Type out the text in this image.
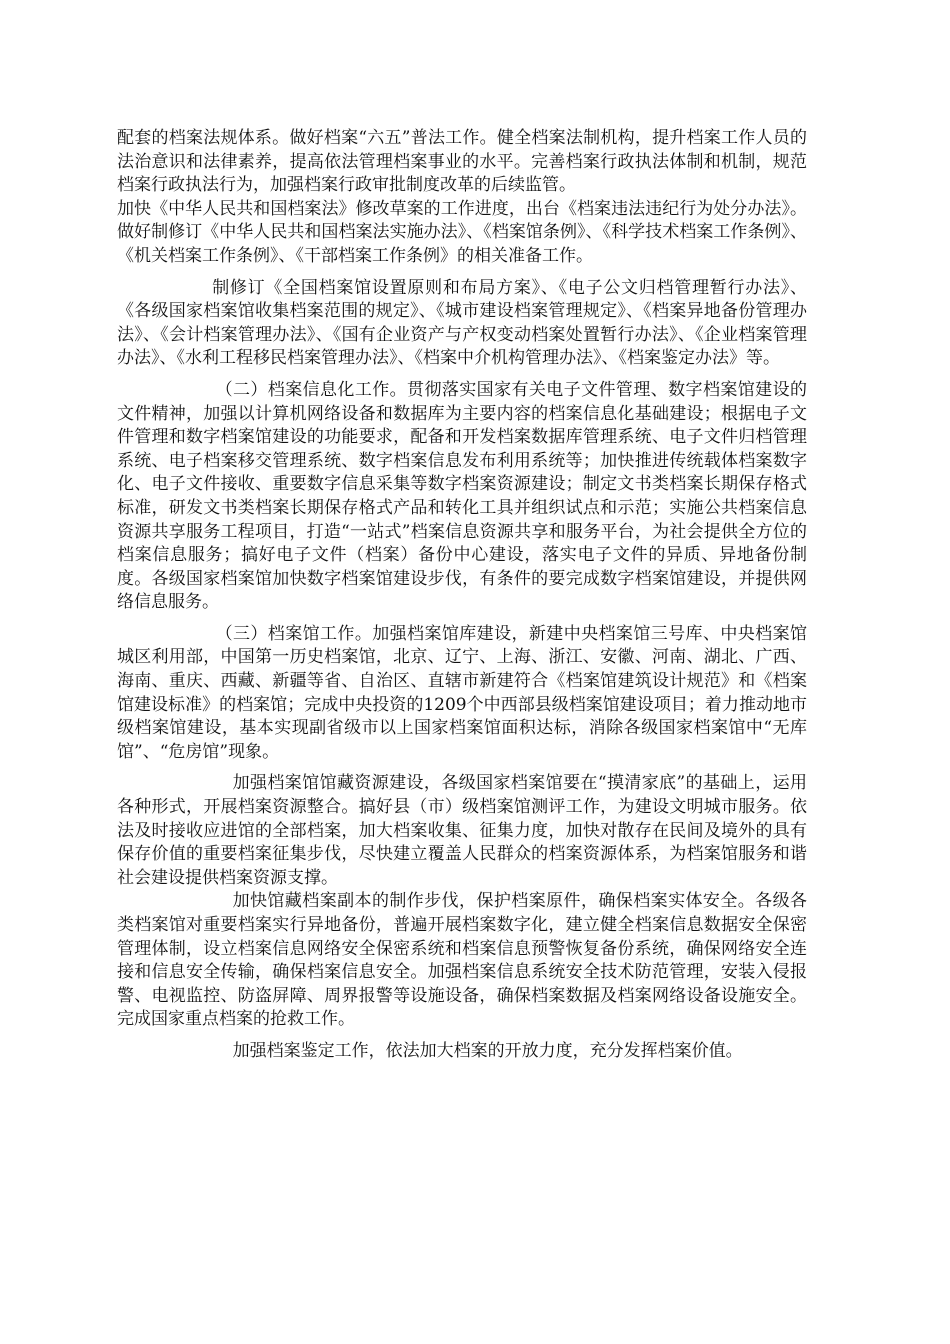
配套的档案法规体系。做好档案“六五”普法工作。健全档案法制机构，提升档案工作人员的法治意识和法律素养，提高依法管理档案事业的水平。完善档案行政执法体制和机制，规范档案行政执法行为，加强档案行政审批制度改革的后续监管。

加快《中华人民共和国档案法》修改草案的工作进度，出台《档案违法违纪行为处分办法》。做好制修订《中华人民共和国档案法实施办法》、《档案馆条例》、《科学技术档案工作条例》、《机关档案工作条例》、《干部档案工作条例》的相关准备工作。

制修订《全国档案馆设置原则和布局方案》、《电子公文归档管理暂行办法》、《各级国家档案馆收集档案范围的规定》、《城市建设档案管理规定》、《档案异地备份管理办法》、《会计档案管理办法》、《国有企业资产与产权变动档案处置暂行办法》、《企业档案管理办法》、《水利工程移民档案管理办法》、《档案中介机构管理办法》、《档案鉴定办法》等。

（二）档案信息化工作。贯彻落实国家有关电子文件管理、数字档案馆建设的文件精神，加强以计算机网络设备和数据库为主要内容的档案信息化基础建设；根据电子文件管理和数字档案馆建设的功能要求，配备和开发档案数据库管理系统、电子文件归档管理系统、电子档案移交管理系统、数字档案信息发布利用系统等；加快推进传统载体档案数字化、电子文件接收、重要数字信息采集等数字档案资源建设；制定文书类档案长期保存格式标准，研发文书类档案长期保存格式产品和转化工具并组织试点和示范；实施公共档案信息资源共享服务工程项目，打造“一站式”档案信息资源共享和服务平台，为社会提供全方位的档案信息服务；搞好电子文件（档案）备份中心建设，落实电子文件的异质、异地备份制度。各级国家档案馆加快数字档案馆建设步伐，有条件的要完成数字档案馆建设，并提供网络信息服务。

（三）档案馆工作。加强档案馆库建设，新建中央档案馆三号库、中央档案馆城区利用部，中国第一历史档案馆，北京、辽宁、上海、浙江、安徽、河南、湖北、广西、海南、重庆、西藏、新疆等省、自治区、直辖市新建符合《档案馆建筑设计规范》和《档案馆建设标准》的档案馆；完成中央投资的1209个中西部县级档案馆建设项目；着力推动地市级档案馆建设，基本实现副省级市以上国家档案馆面积达标，消除各级国家档案馆中“无库馆”、“危房馆”现象。

加强档案馆馆藏资源建设，各级国家档案馆要在“摸清家底”的基础上，运用各种形式，开展档案资源整合。搞好县（市）级档案馆测评工作，为建设文明城市服务。依法及时接收应进馆的全部档案，加大档案收集、征集力度，加快对散存在民间及境外的具有保存价值的重要档案征集步伐，尽快建立覆盖人民群众的档案资源体系，为档案馆服务和谐社会建设提供档案资源支撑。

加快馆藏档案副本的制作步伐，保护档案原件，确保档案实体安全。各级各类档案馆对重要档案实行异地备份，普遍开展档案数字化，建立健全档案信息数据安全保密管理体制，设立档案信息网络安全保密系统和档案信息预警恢复备份系统，确保网络安全连接和信息安全传输，确保档案信息安全。加强档案信息系统安全技术防范管理，安装入侵报警、电视监控、防盗屏障、周界报警等设施设备，确保档案数据及档案网络设备设施安全。完成国家重点档案的抢救工作。

加强档案鉴定工作，依法加大档案的开放力度，充分发挥档案价值。
